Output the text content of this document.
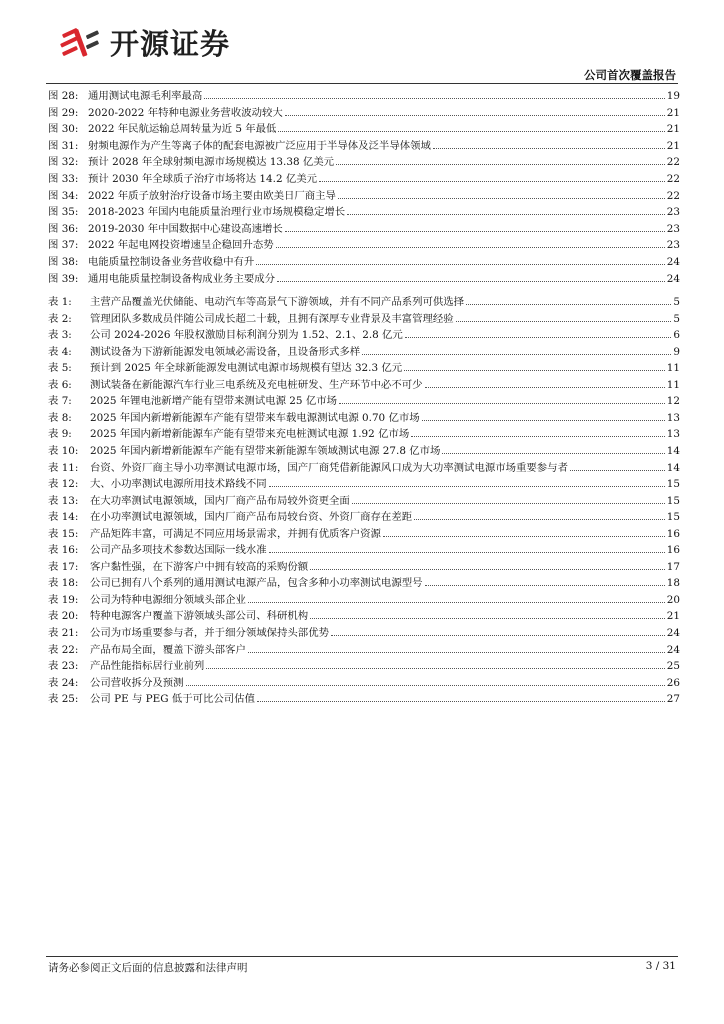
开源证券
公司首次覆盖报告
图 28: 通用测试电源毛利率最高	19
图 29: 2020-2022 年特种电源业务营收波动较大	21
图 30: 2022 年民航运输总周转量为近 5 年最低	21
图 31: 射频电源作为产生等离子体的配套电源被广泛应用于半导体及泛半导体领域	21
图 32: 预计 2028 年全球射频电源市场规模达 13.38 亿美元	22
图 33: 预计 2030 年全球质子治疗市场将达 14.2 亿美元	22
图 34: 2022 年质子放射治疗设备市场主要由欧美日厂商主导	22
图 35: 2018-2023 年国内电能质量治理行业市场规模稳定增长	23
图 36: 2019-2030 年中国数据中心建设高速增长	23
图 37: 2022 年起电网投资增速呈企稳回升态势	23
图 38: 电能质量控制设备业务营收稳中有升	24
图 39: 通用电能质量控制设备构成业务主要成分	24
表 1:	主营产品覆盖光伏储能、电动汽车等高景气下游领域，并有不同产品系列可供选择	5
表 2:	管理团队多数成员伴随公司成长超二十载，且拥有深厚专业背景及丰富管理经验	5
表 3:	公司 2024-2026 年股权激励目标利润分别为 1.52、2.1、2.8 亿元	6
表 4:	测试设备为下游新能源发电领域必需设备，且设备形式多样	9
表 5:	预计到 2025 年全球新能源发电测试电源市场规模有望达 32.3 亿元	11
表 6:	测试装备在新能源汽车行业三电系统及充电桩研发、生产环节中必不可少	11
表 7:	2025 年锂电池新增产能有望带来测试电源 25 亿市场	12
表 8:	2025 年国内新增新能源车产能有望带来车载电源测试电源 0.70 亿市场	13
表 9:	2025 年国内新增新能源车产能有望带来充电桩测试电源 1.92 亿市场	13
表 10:	2025 年国内新增新能源车产能有望带来新能源车领域测试电源 27.8 亿市场	14
表 11:	台资、外资厂商主导小功率测试电源市场，国产厂商凭借新能源风口成为大功率测试电源市场重要参与者	14
表 12:	大、小功率测试电源所用技术路线不同	15
表 13:	在大功率测试电源领域，国内厂商产品布局较外资更全面	15
表 14:	在小功率测试电源领域，国内厂商产品布局较台资、外资厂商存在差距	15
表 15:	产品矩阵丰富，可满足不同应用场景需求，并拥有优质客户资源	16
表 16:	公司产品多项技术参数达国际一线水准	16
表 17:	客户黏性强，在下游客户中拥有较高的采购份额	17
表 18:	公司已拥有八个系列的通用测试电源产品，包含多种小功率测试电源型号	18
表 19:	公司为特种电源细分领域头部企业	20
表 20:	特种电源客户覆盖下游领域头部公司、科研机构	21
表 21:	公司为市场重要参与者，并于细分领域保持头部优势	24
表 22:	产品布局全面，覆盖下游头部客户	24
表 23:	产品性能指标居行业前列	25
表 24:	公司营收拆分及预测	26
表 25:	公司 PE 与 PEG 低于可比公司估值	27
请务必参阅正文后面的信息披露和法律声明	3 / 31
